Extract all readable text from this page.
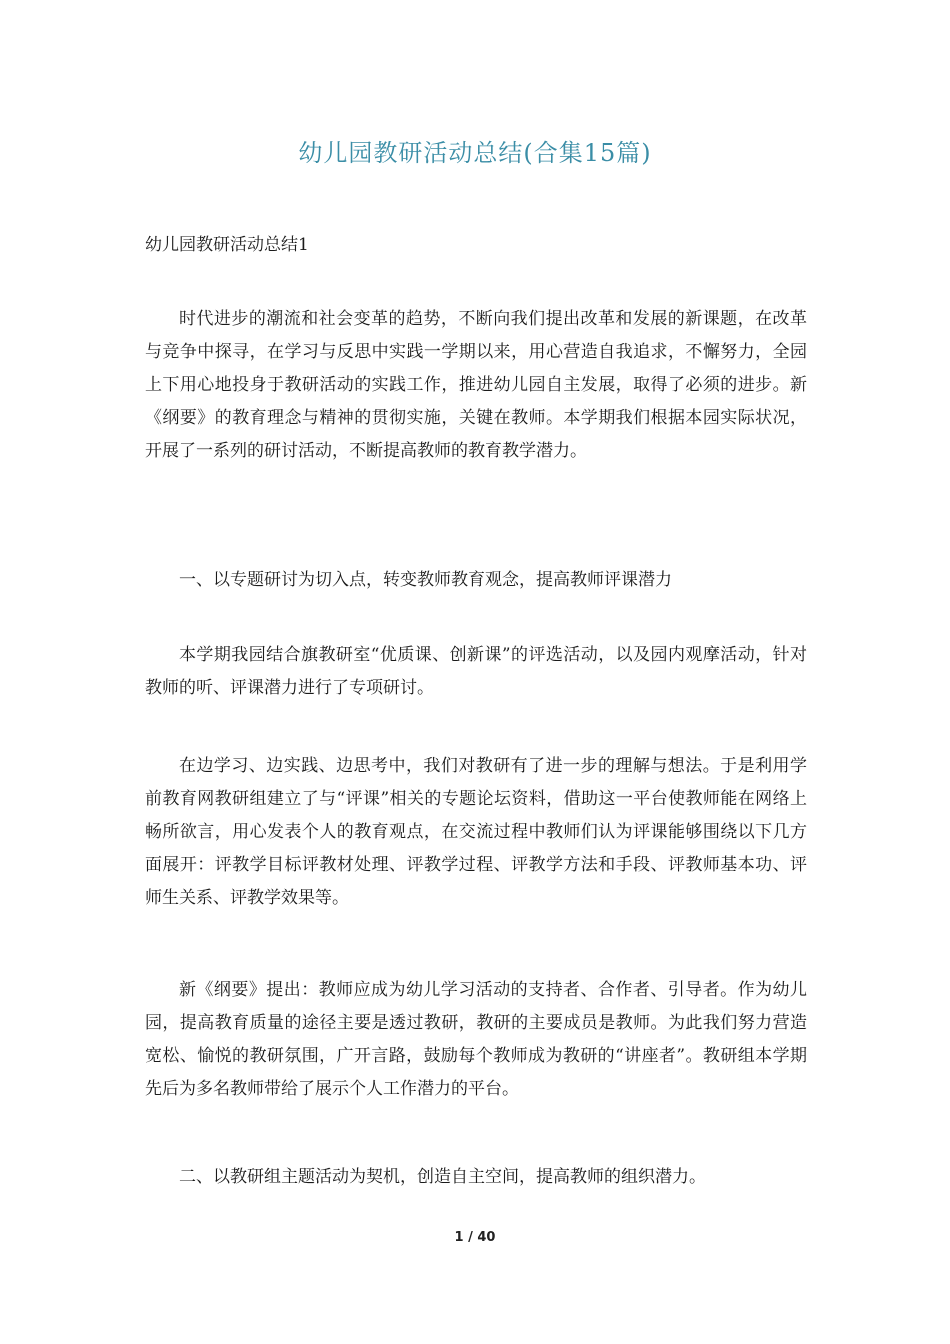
幼儿园教研活动总结(合集15篇)
幼儿园教研活动总结1

时代进步的潮流和社会变革的趋势，不断向我们提出改革和发展的新课题，在改革与竞争中探寻，在学习与反思中实践一学期以来，用心营造自我追求，不懈努力，全园上下用心地投身于教研活动的实践工作，推进幼儿园自主发展，取得了必须的进步。新《纲要》的教育理念与精神的贯彻实施，关键在教师。本学期我们根据本园实际状况，开展了一系列的研讨活动，不断提高教师的教育教学潜力。

一、以专题研讨为切入点，转变教师教育观念，提高教师评课潜力

本学期我园结合旗教研室“优质课、创新课”的评选活动，以及园内观摩活动，针对教师的听、评课潜力进行了专项研讨。

在边学习、边实践、边思考中，我们对教研有了进一步的理解与想法。于是利用学前教育网教研组建立了与“评课”相关的专题论坛资料，借助这一平台使教师能在网络上畅所欲言，用心发表个人的教育观点，在交流过程中教师们认为评课能够围绕以下几方面展开：评教学目标评教材处理、评教学过程、评教学方法和手段、评教师基本功、评师生关系、评教学效果等。

新《纲要》提出：教师应成为幼儿学习活动的支持者、合作者、引导者。作为幼儿园，提高教育质量的途径主要是透过教研，教研的主要成员是教师。为此我们努力营造宽松、愉悦的教研氛围，广开言路，鼓励每个教师成为教研的“讲座者”。教研组本学期先后为多名教师带给了展示个人工作潜力的平台。

二、以教研组主题活动为契机，创造自主空间，提高教师的组织潜力。

1 / 40
